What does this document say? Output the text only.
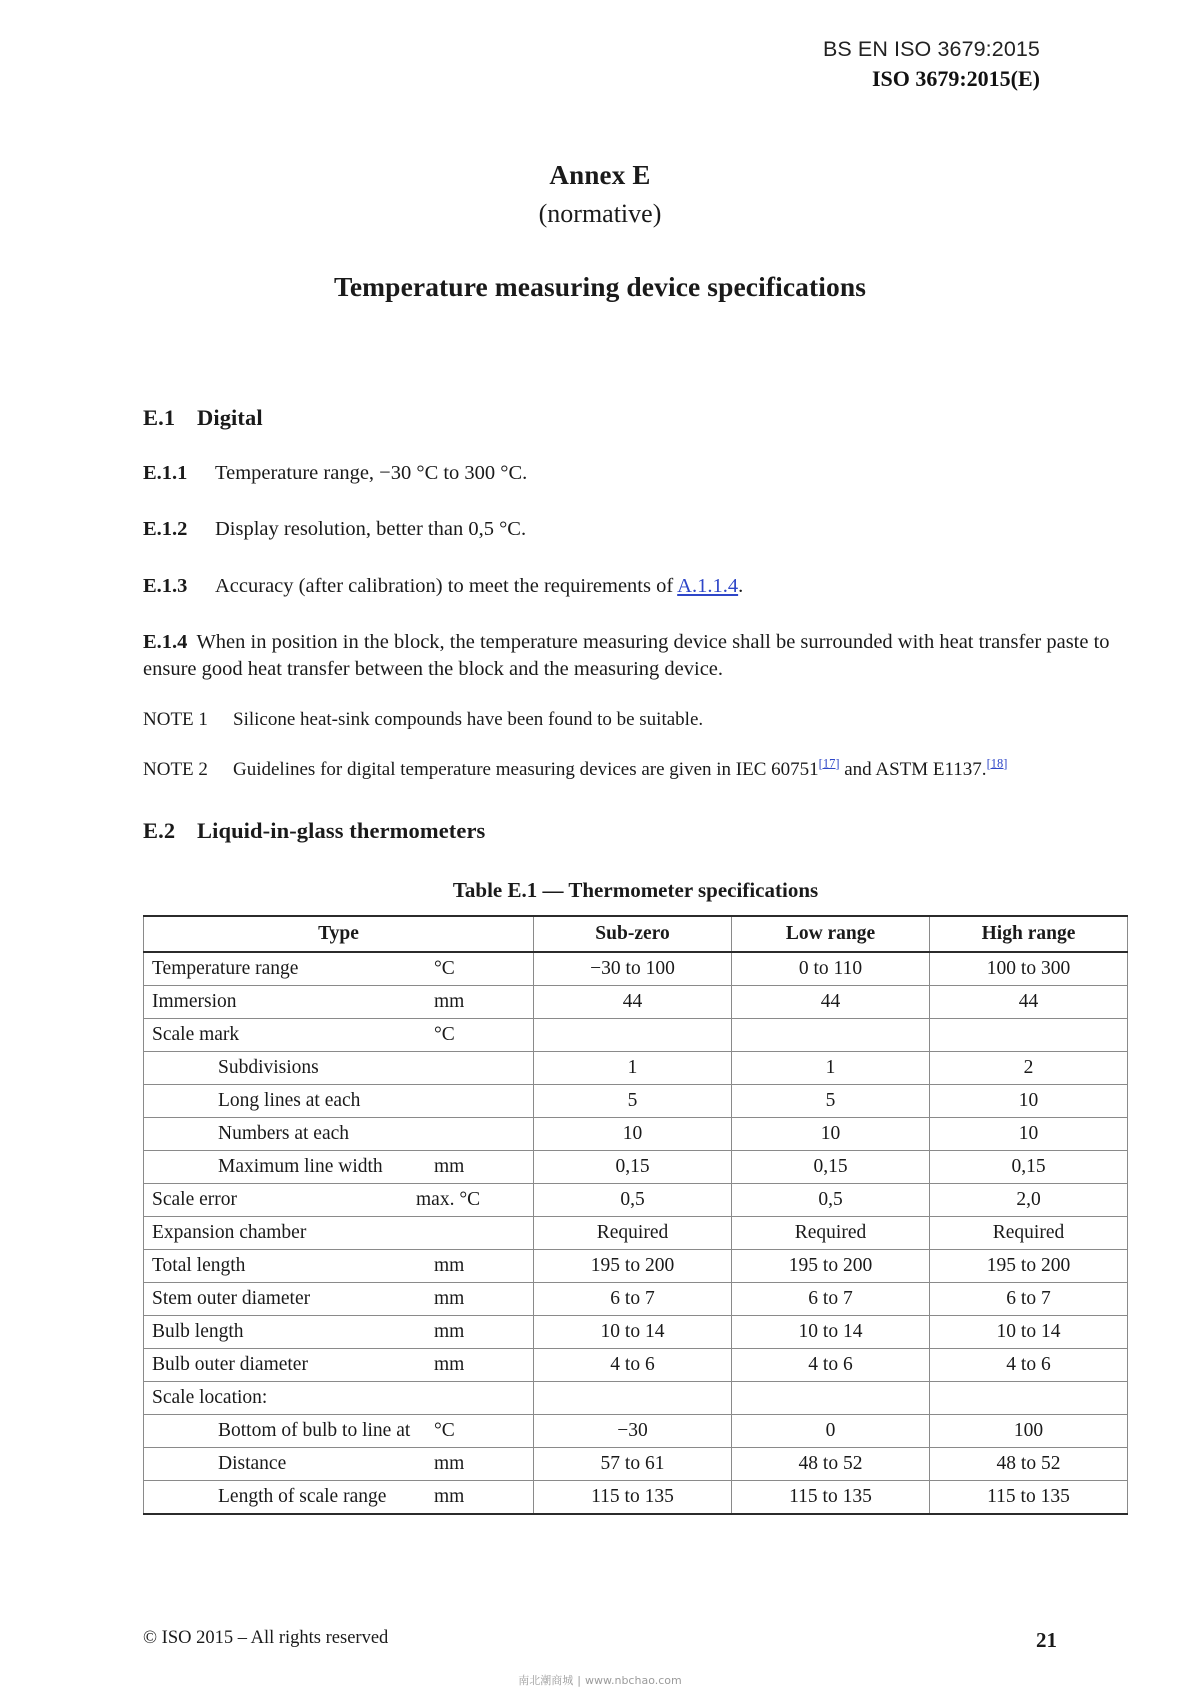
BS EN ISO 3679:2015
ISO 3679:2015(E)
Annex E
(normative)
Temperature measuring device specifications
E.1 Digital
E.1.1 Temperature range, −30 °C to 300 °C.
E.1.2 Display resolution, better than 0,5 °C.
E.1.3 Accuracy (after calibration) to meet the requirements of A.1.1.4.
E.1.4 When in position in the block, the temperature measuring device shall be surrounded with heat transfer paste to ensure good heat transfer between the block and the measuring device.
NOTE 1 Silicone heat-sink compounds have been found to be suitable.
NOTE 2 Guidelines for digital temperature measuring devices are given in IEC 60751[17] and ASTM E1137.[18]
E.2 Liquid-in-glass thermometers
Table E.1 — Thermometer specifications
Type	Sub-zero	Low range	High range
Temperature range °C	−30 to 100	0 to 110	100 to 300
Immersion mm	44	44	44
Scale mark °C			

Subdivisions	1	1	2
Long lines at each	5	5	10
Numbers at each	10	10	10
Maximum line width mm	0,15	0,15	0,15
Scale error max. °C	0,5	0,5	2,0
Expansion chamber	Required	Required	Required
Total length mm	195 to 200	195 to 200	195 to 200
Stem outer diameter mm	6 to 7	6 to 7	6 to 7
Bulb length mm	10 to 14	10 to 14	10 to 14
Bulb outer diameter mm	4 to 6	4 to 6	4 to 6
Scale location:

Bottom of bulb to line at °C	−30	0	100
Distance mm	57 to 61	48 to 52	48 to 52
Length of scale range mm	115 to 135	115 to 135	115 to 135
© ISO 2015 – All rights reserved	21
南北潮商城 | www.nbchao.com
